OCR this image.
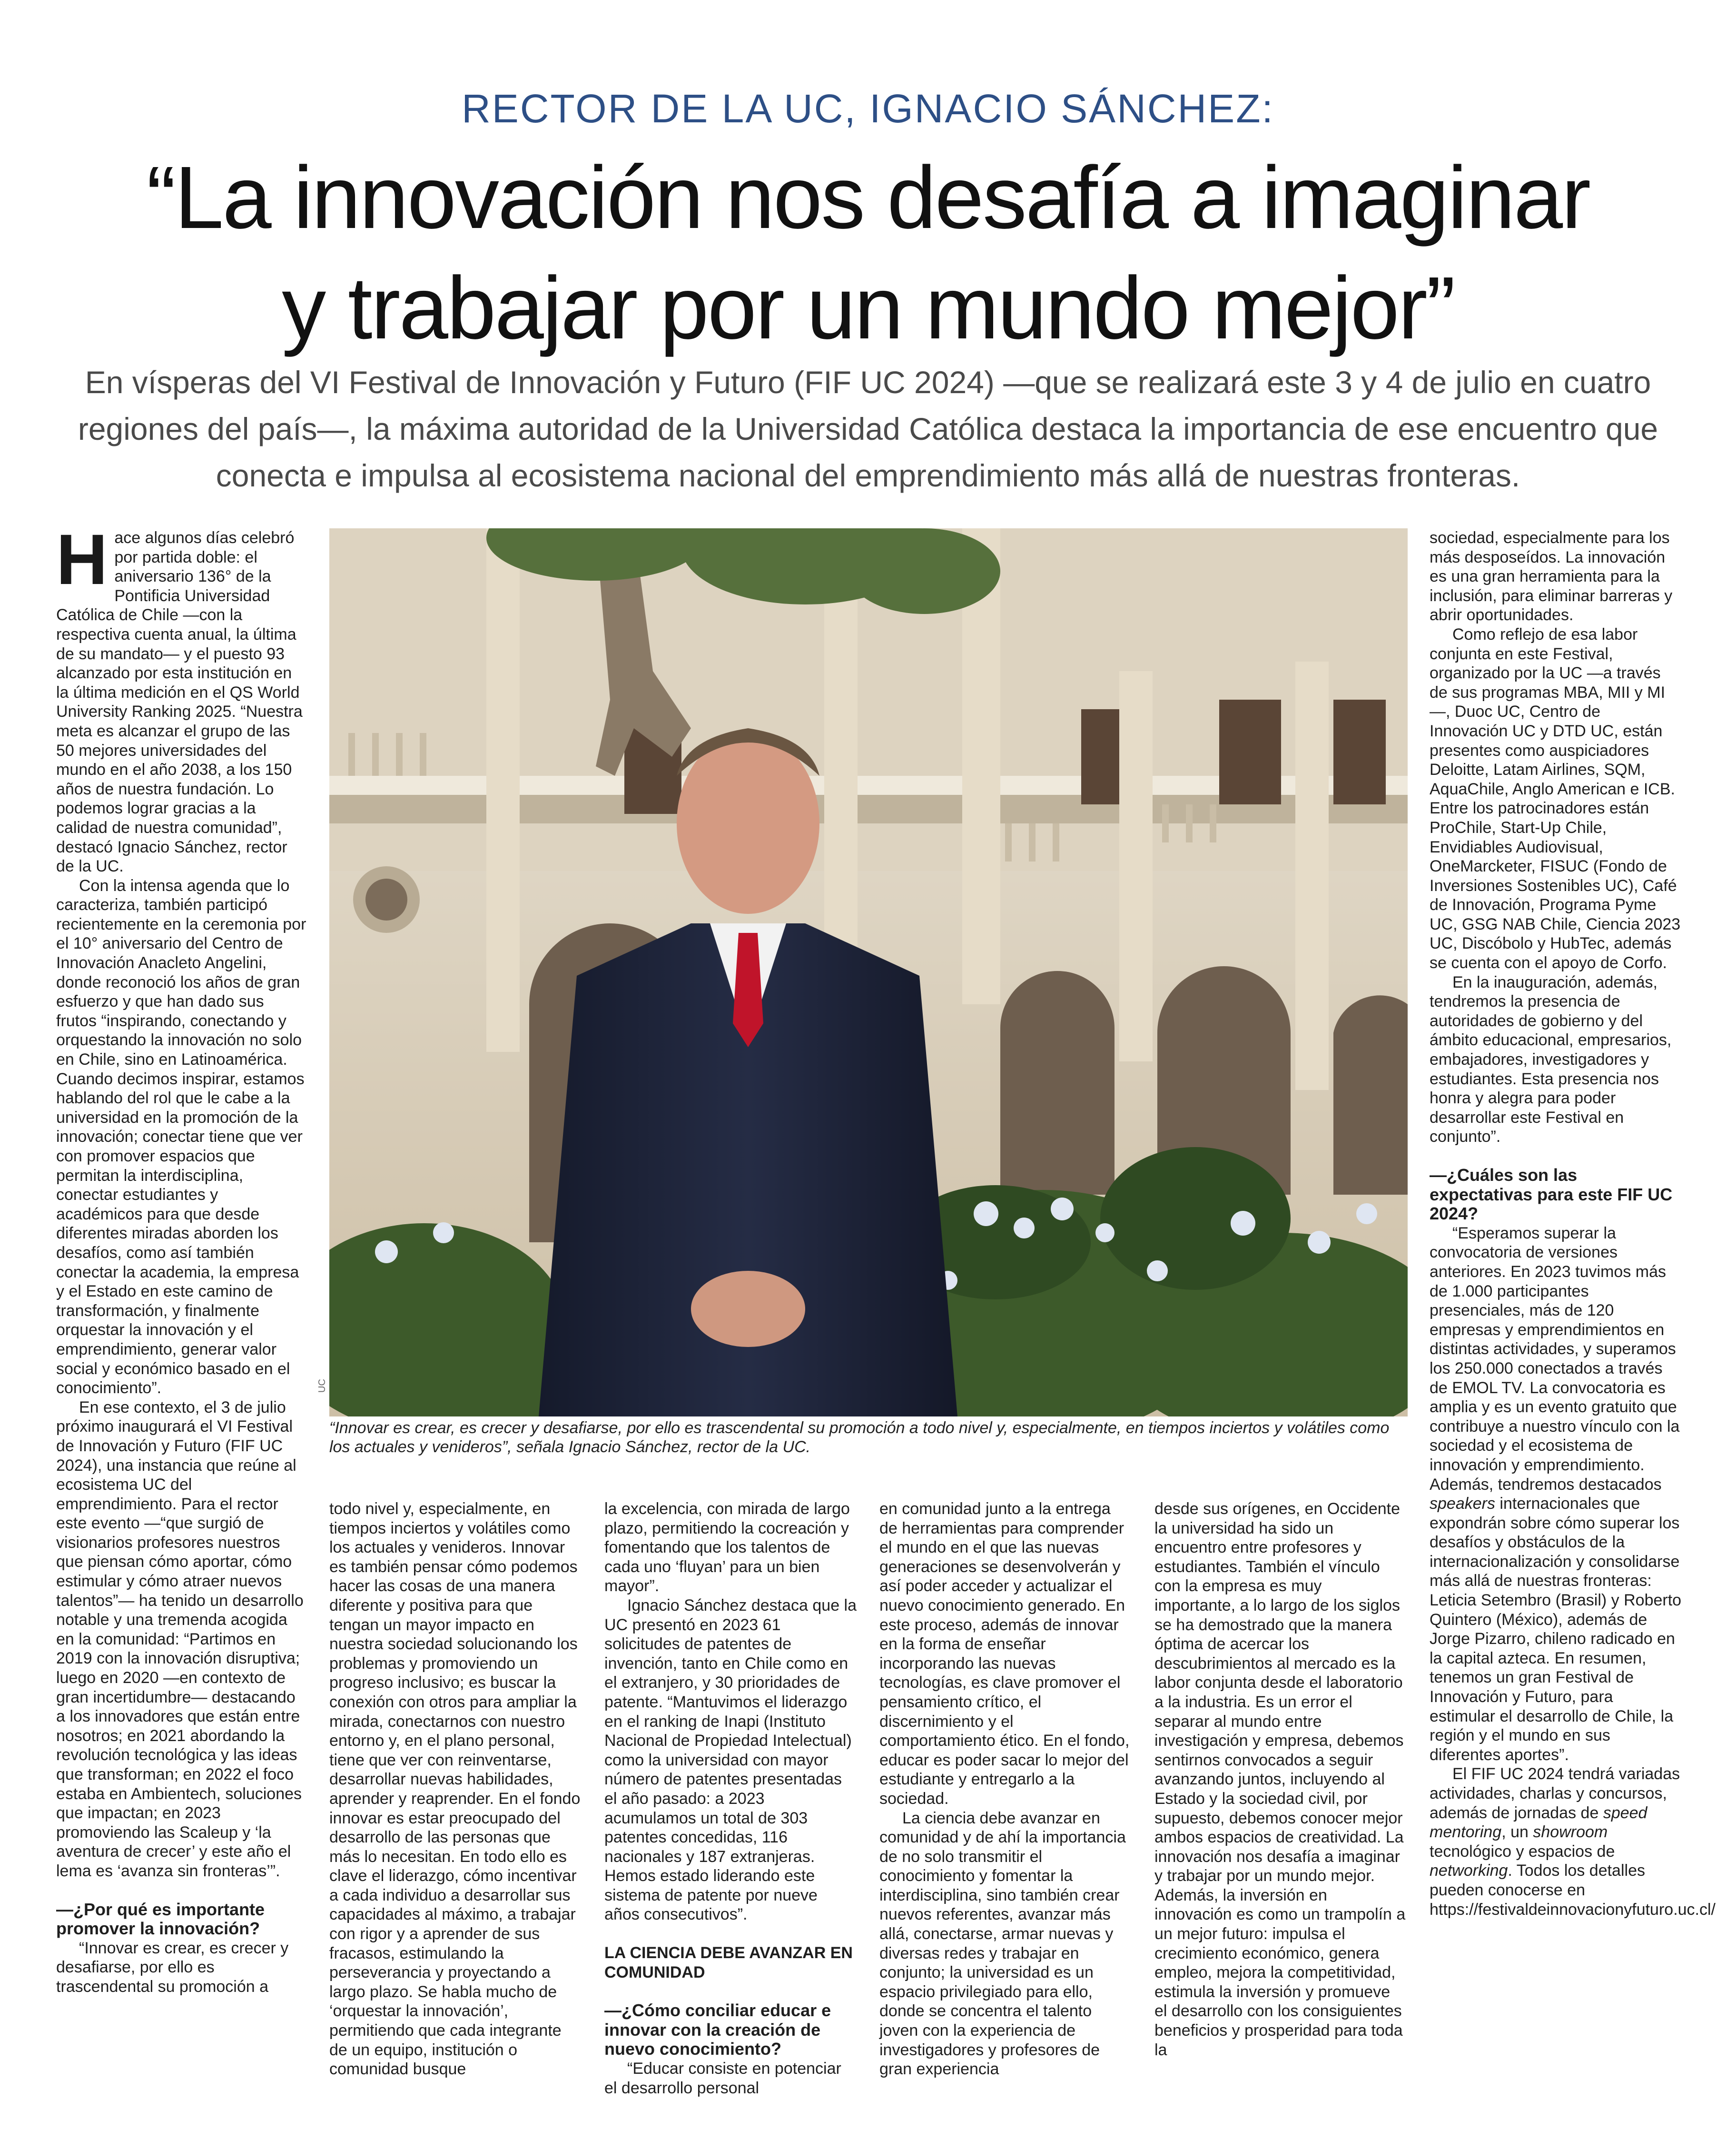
RECTOR DE LA UC, IGNACIO SÁNCHEZ:
“La innovación nos desafía a imaginar
y trabajar por un mundo mejor”
En vísperas del VI Festival de Innovación y Futuro (FIF UC 2024) —que se realizará este 3 y 4 de julio en cuatro
regiones del país—, la máxima autoridad de la Universidad Católica destaca la importancia de ese encuentro que
conecta e impulsa al ecosistema nacional del emprendimiento más allá de nuestras fronteras.

Hace algunos días celebró por partida doble: el aniversario 136° de la Pontificia Universidad Católica de Chile —con la respectiva cuenta anual, la última de su mandato— y el puesto 93 alcanzado por esta institución en la última medición en el QS World University Ranking 2025. “Nuestra meta es alcanzar el grupo de las 50 mejores universidades del mundo en el año 2038, a los 150 años de nuestra fundación. Lo podemos lograr gracias a la calidad de nuestra comunidad”, destacó Ignacio Sánchez, rector de la UC.

Con la intensa agenda que lo caracteriza, también participó recientemente en la ceremonia por el 10° aniversario del Centro de Innovación Anacleto Angelini, donde reconoció los años de gran esfuerzo y que han dado sus frutos “inspirando, conectando y orquestando la innovación no solo en Chile, sino en Latinoamérica. Cuando decimos inspirar, estamos hablando del rol que le cabe a la universidad en la promoción de la innovación; conectar tiene que ver con promover espacios que permitan la interdisciplina, conectar estudiantes y académicos para que desde diferentes miradas aborden los desafíos, como así también conectar la academia, la empresa y el Estado en este camino de transformación, y finalmente orquestar la innovación y el emprendimiento, generar valor social y económico basado en el conocimiento”.

En ese contexto, el 3 de julio próximo inaugurará el VI Festival de Innovación y Futuro (FIF UC 2024), una instancia que reúne al ecosistema UC del emprendimiento. Para el rector este evento —“que surgió de visionarios profesores nuestros que piensan cómo aportar, cómo estimular y cómo atraer nuevos talentos”— ha tenido un desarrollo notable y una tremenda acogida en la comunidad: “Partimos en 2019 con la innovación disruptiva; luego en 2020 —en contexto de gran incertidumbre— destacando a los innovadores que están entre nosotros; en 2021 abordando la revolución tecnológica y las ideas que transforman; en 2022 el foco estaba en Ambientech, soluciones que impactan; en 2023 promoviendo las Scaleup y ‘la aventura de crecer’ y este año el lema es ‘avanza sin fronteras’”.

—¿Por qué es importante promover la innovación?

“Innovar es crear, es crecer y desafiarse, por ello es trascendental su promoción a

UC
“Innovar es crear, es crecer y desafiarse, por ello es trascendental su promoción a todo nivel y, especialmente, en tiempos inciertos y volátiles como los actuales y venideros”, señala Ignacio Sánchez, rector de la UC.

sociedad, especialmente para los más desposeídos. La innovación es una gran herramienta para la inclusión, para eliminar barreras y abrir oportunidades.

Como reflejo de esa labor conjunta en este Festival, organizado por la UC —a través de sus programas MBA, MII y MI—, Duoc UC, Centro de Innovación UC y DTD UC, están presentes como auspiciadores Deloitte, Latam Airlines, SQM, AquaChile, Anglo American e ICB. Entre los patrocinadores están ProChile, Start-Up Chile, Envidiables Audiovisual, OneMarcketer, FISUC (Fondo de Inversiones Sostenibles UC), Café de Innovación, Programa Pyme UC, GSG NAB Chile, Ciencia 2023 UC, Discóbolo y HubTec, además se cuenta con el apoyo de Corfo.

En la inauguración, además, tendremos la presencia de autoridades de gobierno y del ámbito educacional, empresarios, embajadores, investigadores y estudiantes. Esta presencia nos honra y alegra para poder desarrollar este Festival en conjunto”.

—¿Cuáles son las expectativas para este FIF UC 2024?

“Esperamos superar la convocatoria de versiones anteriores. En 2023 tuvimos más de 1.000 participantes presenciales, más de 120 empresas y emprendimientos en distintas actividades, y superamos los 250.000 conectados a través de EMOL TV. La convocatoria es amplia y es un evento gratuito que contribuye a nuestro vínculo con la sociedad y el ecosistema de innovación y emprendimiento. Además, tendremos destacados speakers internacionales que expondrán sobre cómo superar los desafíos y obstáculos de la internacionalización y consolidarse más allá de nuestras fronteras: Leticia Setembro (Brasil) y Roberto Quintero (México), además de Jorge Pizarro, chileno radicado en la capital azteca. En resumen, tenemos un gran Festival de Innovación y Futuro, para estimular el desarrollo de Chile, la región y el mundo en sus diferentes aportes”.

El FIF UC 2024 tendrá variadas actividades, charlas y concursos, además de jornadas de speed mentoring, un showroom tecnológico y espacios de networking. Todos los detalles pueden conocerse en https://festivaldeinnovacionyfuturo.uc.cl/

todo nivel y, especialmente, en tiempos inciertos y volátiles como los actuales y venideros. Innovar es también pensar cómo podemos hacer las cosas de una manera diferente y positiva para que tengan un mayor impacto en nuestra sociedad solucionando los problemas y promoviendo un progreso inclusivo; es buscar la conexión con otros para ampliar la mirada, conectarnos con nuestro entorno y, en el plano personal, tiene que ver con reinventarse, desarrollar nuevas habilidades, aprender y reaprender. En el fondo innovar es estar preocupado del desarrollo de las personas que más lo necesitan. En todo ello es clave el liderazgo, cómo incentivar a cada individuo a desarrollar sus capacidades al máximo, a trabajar con rigor y a aprender de sus fracasos, estimulando la perseverancia y proyectando a largo plazo. Se habla mucho de ‘orquestar la innovación’, permitiendo que cada integrante de un equipo, institución o comunidad busque

la excelencia, con mirada de largo plazo, permitiendo la cocreación y fomentando que los talentos de cada uno ‘fluyan’ para un bien mayor”.

Ignacio Sánchez destaca que la UC presentó en 2023 61 solicitudes de patentes de invención, tanto en Chile como en el extranjero, y 30 prioridades de patente. “Mantuvimos el liderazgo en el ranking de Inapi (Instituto Nacional de Propiedad Intelectual) como la universidad con mayor número de patentes presentadas el año pasado: a 2023 acumulamos un total de 303 patentes concedidas, 116 nacionales y 187 extranjeras. Hemos estado liderando este sistema de patente por nueve años consecutivos”.

LA CIENCIA DEBE AVANZAR EN COMUNIDAD

—¿Cómo conciliar educar e innovar con la creación de nuevo conocimiento?

“Educar consiste en potenciar el desarrollo personal

en comunidad junto a la entrega de herramientas para comprender el mundo en el que las nuevas generaciones se desenvolverán y así poder acceder y actualizar el nuevo conocimiento generado. En este proceso, además de innovar en la forma de enseñar incorporando las nuevas tecnologías, es clave promover el pensamiento crítico, el discernimiento y el comportamiento ético. En el fondo, educar es poder sacar lo mejor del estudiante y entregarlo a la sociedad.

La ciencia debe avanzar en comunidad y de ahí la importancia de no solo transmitir el conocimiento y fomentar la interdisciplina, sino también crear nuevos referentes, avanzar más allá, conectarse, armar nuevas y diversas redes y trabajar en conjunto; la universidad es un espacio privilegiado para ello, donde se concentra el talento joven con la experiencia de investigadores y profesores de gran experiencia

desde sus orígenes, en Occidente la universidad ha sido un encuentro entre profesores y estudiantes. También el vínculo con la empresa es muy importante, a lo largo de los siglos se ha demostrado que la manera óptima de acercar los descubrimientos al mercado es la labor conjunta desde el laboratorio a la industria. Es un error el separar al mundo entre investigación y empresa, debemos sentirnos convocados a seguir avanzando juntos, incluyendo al Estado y la sociedad civil, por supuesto, debemos conocer mejor ambos espacios de creatividad. La innovación nos desafía a imaginar y trabajar por un mundo mejor. Además, la inversión en innovación es como un trampolín a un mejor futuro: impulsa el crecimiento económico, genera empleo, mejora la competitividad, estimula la inversión y promueve el desarrollo con los consiguientes beneficios y prosperidad para toda la
